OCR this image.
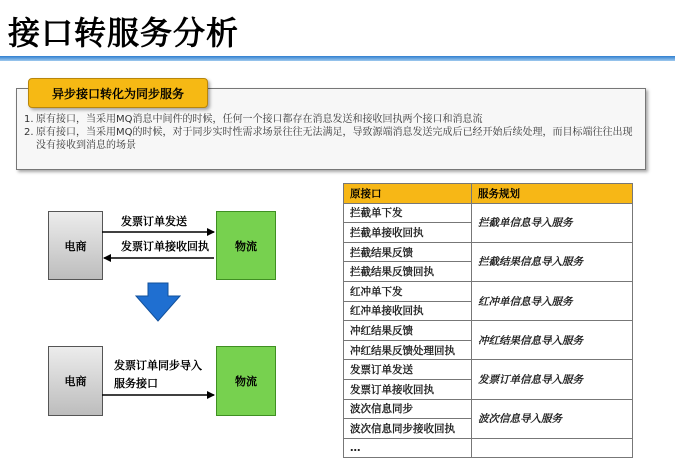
接口转服务分析
异步接口转化为同步服务
1. 原有接口，当采用MQ消息中间件的时候，任何一个接口都存在消息发送和接收回执两个接口和消息流
2. 原有接口，当采用MQ的时候，对于同步实时性需求场景往往无法满足，导致源端消息发送完成后已经开始后续处理，而目标端往往出现没有接收到消息的场景
电商	物流
发票订单发送
发票订单接收回执
电商	物流
发票订单同步导入
服务接口
原接口	服务规划
拦截单下发	拦截单信息导入服务
拦截单接收回执	
拦截结果反馈	拦截结果信息导入服务
拦截结果反馈回执	
红冲单下发	红冲单信息导入服务
红冲单接收回执	
冲红结果反馈	冲红结果信息导入服务
冲红结果反馈处理回执	
发票订单发送	发票订单信息导入服务
发票订单接收回执	
波次信息同步	波次信息导入服务
波次信息同步接收回执	
…	
